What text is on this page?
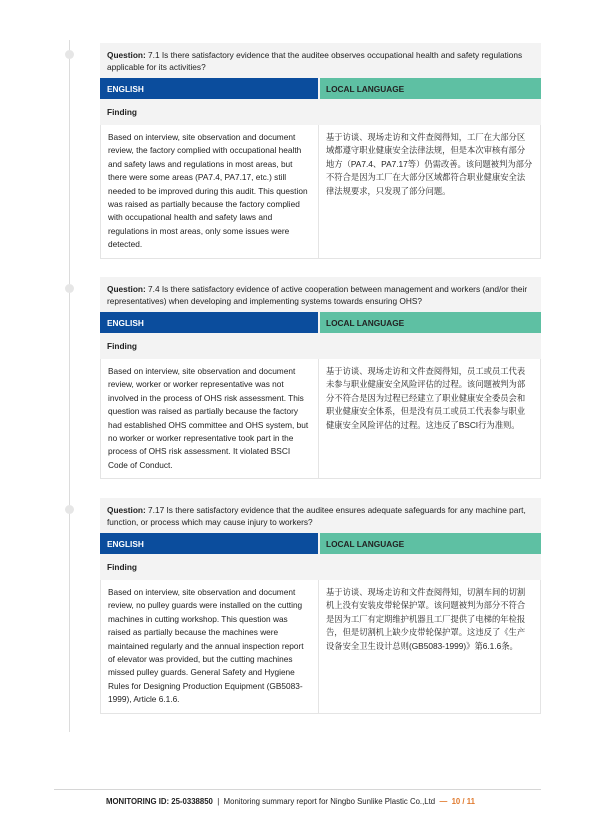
Question: 7.1 Is there satisfactory evidence that the auditee observes occupational health and safety regulations applicable for its activities?
ENGLISH	LOCAL LANGUAGE
Finding
Based on interview, site observation and document review, the factory complied with occupational health and safety laws and regulations in most areas, but there were some areas (PA7.4, PA7.17, etc.) still needed to be improved during this audit. This question was raised as partially because the factory complied with occupational health and safety laws and regulations in most areas, only some issues were detected.
基于访谈、现场走访和文件查阅得知，工厂在大部分区域都遵守职业健康安全法律法规，但是本次审核有部分地方（PA7.4、PA7.17等）仍需改善。该问题被判为部分不符合是因为工厂在大部分区域都符合职业健康安全法律法规要求，只发现了部分问题。
Question: 7.4 Is there satisfactory evidence of active cooperation between management and workers (and/or their representatives) when developing and implementing systems towards ensuring OHS?
ENGLISH	LOCAL LANGUAGE
Finding
Based on interview, site observation and document review, worker or worker representative was not involved in the process of OHS risk assessment. This question was raised as partially because the factory had established OHS committee and OHS system, but no worker or worker representative took part in the process of OHS risk assessment. It violated BSCI Code of Conduct.
基于访谈、现场走访和文件查阅得知，员工或员工代表未参与职业健康安全风险评估的过程。该问题被判为部分不符合是因为过程已经建立了职业健康安全委员会和职业健康安全体系，但是没有员工或员工代表参与职业健康安全风险评估的过程。这违反了BSCI行为准则。
Question: 7.17 Is there satisfactory evidence that the auditee ensures adequate safeguards for any machine part, function, or process which may cause injury to workers?
ENGLISH	LOCAL LANGUAGE
Finding
Based on interview, site observation and document review, no pulley guards were installed on the cutting machines in cutting workshop. This question was raised as partially because the machines were maintained regularly and the annual inspection report of elevator was provided, but the cutting machines missed pulley guards. General Safety and Hygiene Rules for Designing Production Equipment (GB5083-1999), Article 6.1.6.
基于访谈、现场走访和文件查阅得知，切割车间的切割机上没有安装皮带轮保护罩。该问题被判为部分不符合是因为工厂有定期维护机器且工厂提供了电梯的年检报告，但是切割机上缺少皮带轮保护罩。这违反了《生产设备安全卫生设计总则(GB5083-1999)》第6.1.6条。
MONITORING ID: 25-0338850 | Monitoring summary report for Ningbo Sunlike Plastic Co.,Ltd — 10 / 11
